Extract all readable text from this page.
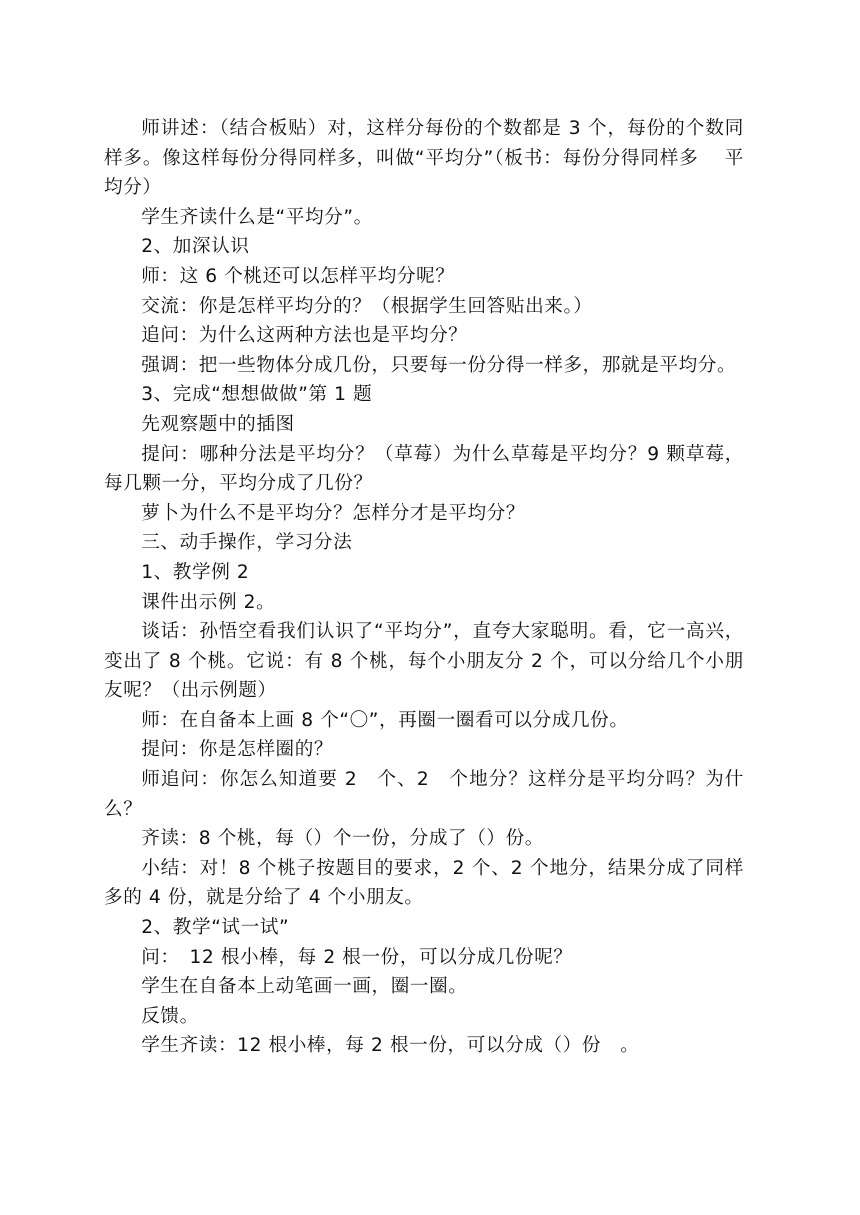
师讲述：（结合板贴）对，这样分每份的个数都是 3 个，每份的个数同样多。像这样每份分得同样多，叫做“平均分”（板书：每份分得同样多　 平均分）

学生齐读什么是“平均分”。

2、加深认识

师：这 6 个桃还可以怎样平均分呢？

交流：你是怎样平均分的？（根据学生回答贴出来。）

追问：为什么这两种方法也是平均分？

强调：把一些物体分成几份，只要每一份分得一样多，那就是平均分。

3、完成“想想做做”第 1 题

先观察题中的插图

提问：哪种分法是平均分？（草莓）为什么草莓是平均分？9 颗草莓，每几颗一分，平均分成了几份？

萝卜为什么不是平均分？怎样分才是平均分？

三、动手操作，学习分法

1、教学例 2

课件出示例 2。

谈话：孙悟空看我们认识了“平均分”，直夸大家聪明。看，它一高兴，变出了 8 个桃。它说：有 8 个桃，每个小朋友分 2 个，可以分给几个小朋友呢？（出示例题）

师：在自备本上画 8 个“〇”，再圈一圈看可以分成几份。

提问：你是怎样圈的？

师追问：你怎么知道要 2　个、2　个地分？这样分是平均分吗？为什么？

齐读：8 个桃，每（）个一份，分成了（）份。

小结：对！8 个桃子按题目的要求，2 个、2 个地分，结果分成了同样多的 4 份，就是分给了 4 个小朋友。

2、教学“试一试”

问：　12 根小棒，每 2 根一份，可以分成几份呢？

学生在自备本上动笔画一画，圈一圈。

反馈。

学生齐读：12 根小棒，每 2 根一份，可以分成（）份　。
